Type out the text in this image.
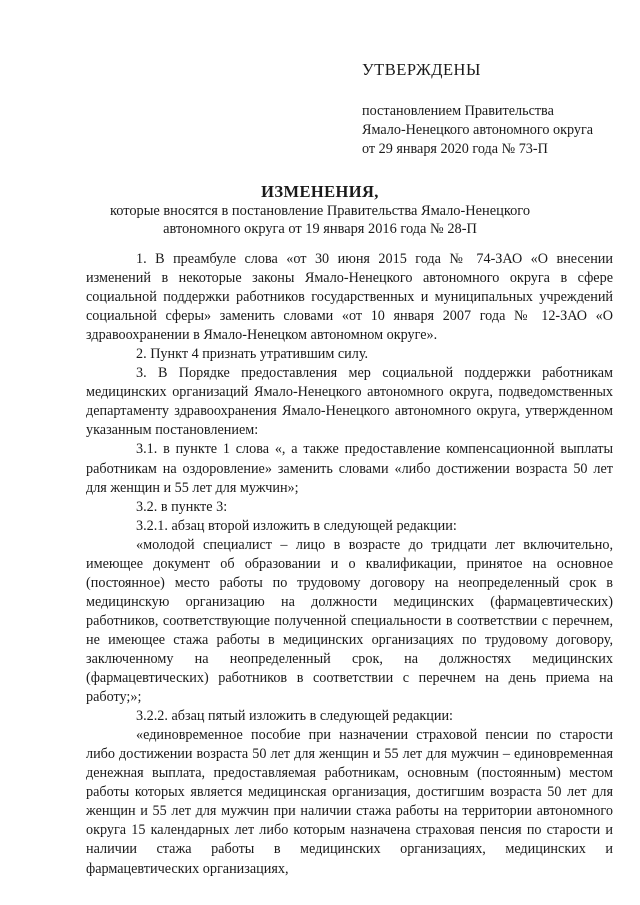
УТВЕРЖДЕНЫ
постановлением Правительства
Ямало-Ненецкого автономного округа
от 29 января 2020 года № 73-П
ИЗМЕНЕНИЯ,
которые вносятся в постановление Правительства Ямало-Ненецкого
автономного округа от 19 января 2016 года № 28-П

1. В преамбуле слова «от 30 июня 2015 года № 74-ЗАО «О внесении изменений в некоторые законы Ямало-Ненецкого автономного округа в сфере социальной поддержки работников государственных и муниципальных учреждений социальной сферы» заменить словами «от 10 января 2007 года № 12-ЗАО «О здравоохранении в Ямало-Ненецком автономном округе».

2. Пункт 4 признать утратившим силу.

3. В Порядке предоставления мер социальной поддержки работникам медицинских организаций Ямало-Ненецкого автономного округа, подведомственных департаменту здравоохранения Ямало-Ненецкого автономного округа, утвержденном указанным постановлением:

3.1. в пункте 1 слова «, а также предоставление компенсационной выплаты работникам на оздоровление» заменить словами «либо достижении возраста 50 лет для женщин и 55 лет для мужчин»;

3.2. в пункте 3:

3.2.1. абзац второй изложить в следующей редакции:

«молодой специалист – лицо в возрасте до тридцати лет включительно, имеющее документ об образовании и о квалификации, принятое на основное (постоянное) место работы по трудовому договору на неопределенный срок в медицинскую организацию на должности медицинских (фармацевтических) работников, соответствующие полученной специальности в соответствии с перечнем, не имеющее стажа работы в медицинских организациях по трудовому договору, заключенному на неопределенный срок, на должностях медицинских (фармацевтических) работников в соответствии с перечнем на день приема на работу;»;

3.2.2. абзац пятый изложить в следующей редакции:

«единовременное пособие при назначении страховой пенсии по старости либо достижении возраста 50 лет для женщин и 55 лет для мужчин – единовременная денежная выплата, предоставляемая работникам, основным (постоянным) местом работы которых является медицинская организация, достигшим возраста 50 лет для женщин и 55 лет для мужчин при наличии стажа работы на территории автономного округа 15 календарных лет либо которым назначена страховая пенсия по старости и наличии стажа работы в медицинских организациях, медицинских и фармацевтических организациях,
